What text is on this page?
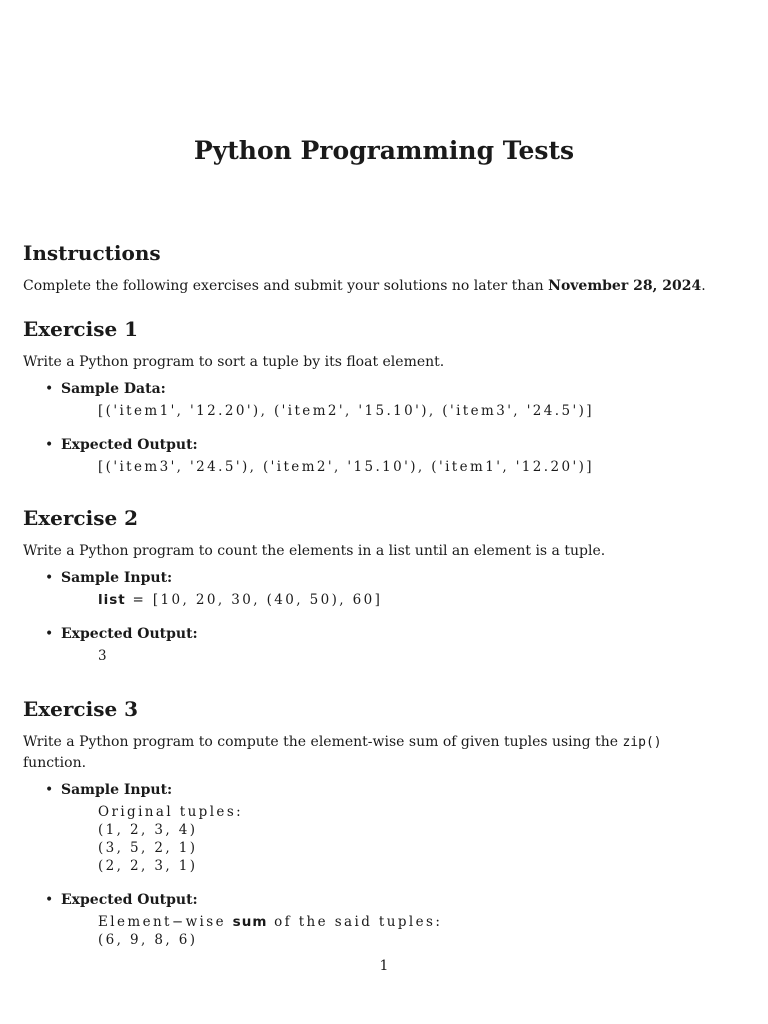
Python Programming Tests
Instructions

Complete the following exercises and submit your solutions no later than November 28, 2024.

Exercise 1

Write a Python program to sort a tuple by its float element.

• Sample Data:
[('item1', '12.20'), ('item2', '15.10'), ('item3', '24.5')]
• Expected Output:
[('item3', '24.5'), ('item2', '15.10'), ('item1', '12.20')]
Exercise 2

Write a Python program to count the elements in a list until an element is a tuple.

• Sample Input:
list = [10, 20, 30, (40, 50), 60]
• Expected Output:
3
Exercise 3

Write a Python program to compute the element-wise sum of given tuples using the zip() function.

• Sample Input:
Original tuples:
(1, 2, 3, 4)
(3, 5, 2, 1)
(2, 2, 3, 1)
• Expected Output:
Element−wise sum of the said tuples:
(6, 9, 8, 6)
1
